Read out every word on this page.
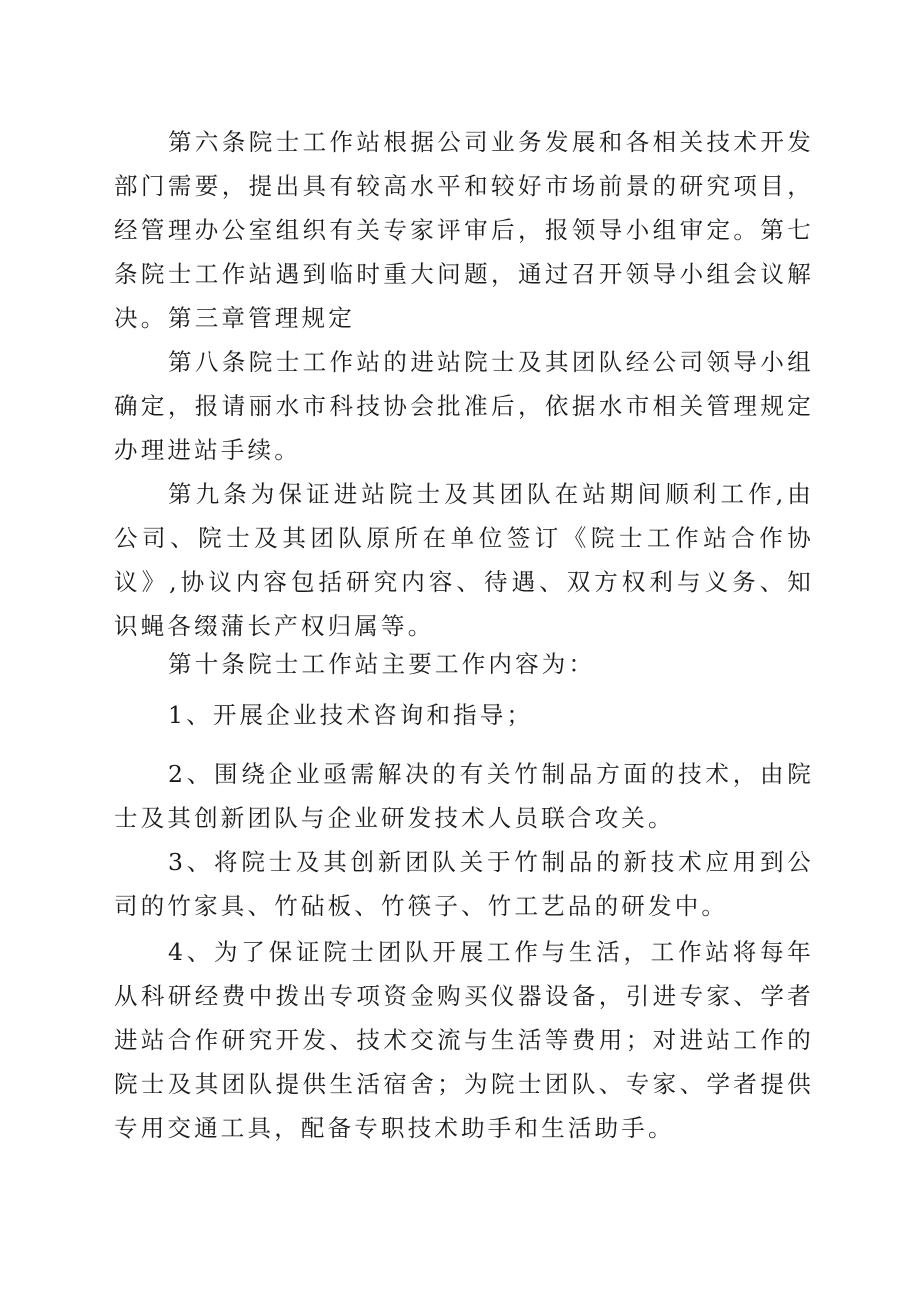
第六条院士工作站根据公司业务发展和各相关技术开发部门需要，提出具有较高水平和较好市场前景的研究项目，经管理办公室组织有关专家评审后，报领导小组审定。第七条院士工作站遇到临时重大问题，通过召开领导小组会议解决。 第三章管理规定

第八条院士工作站的进站院士及其团队经公司领导小组确定，报请丽水市科技协会批准后，依据水市相关管理规定办理进站手续。

第九条为保证进站院士及其团队在站期间顺利工作,由公司、院士及其团队原所在单位签订《院士工作站合作协议》,协议内容包括研究内容、待遇、双方权利与义务、知识蝇各缀蒲长产权归属等。

第十条院士工作站主要工作内容为：

1、开展企业技术咨询和指导；

2、围绕企业亟需解决的有关竹制品方面的技术，由院士及其创新团队与企业研发技术人员联合攻关。

3、将院士及其创新团队关于竹制品的新技术应用到公司的竹家具、竹砧板、竹筷子、竹工艺品的研发中。

4、为了保证院士团队开展工作与生活，工作站将每年从科研经费中拨出专项资金购买仪器设备，引进专家、学者进站合作研究开发、技术交流与生活等费用；对进站工作的院士及其团队提供生活宿舍；为院士团队、专家、学者提供专用交通工具，配备专职技术助手和生活助手。
